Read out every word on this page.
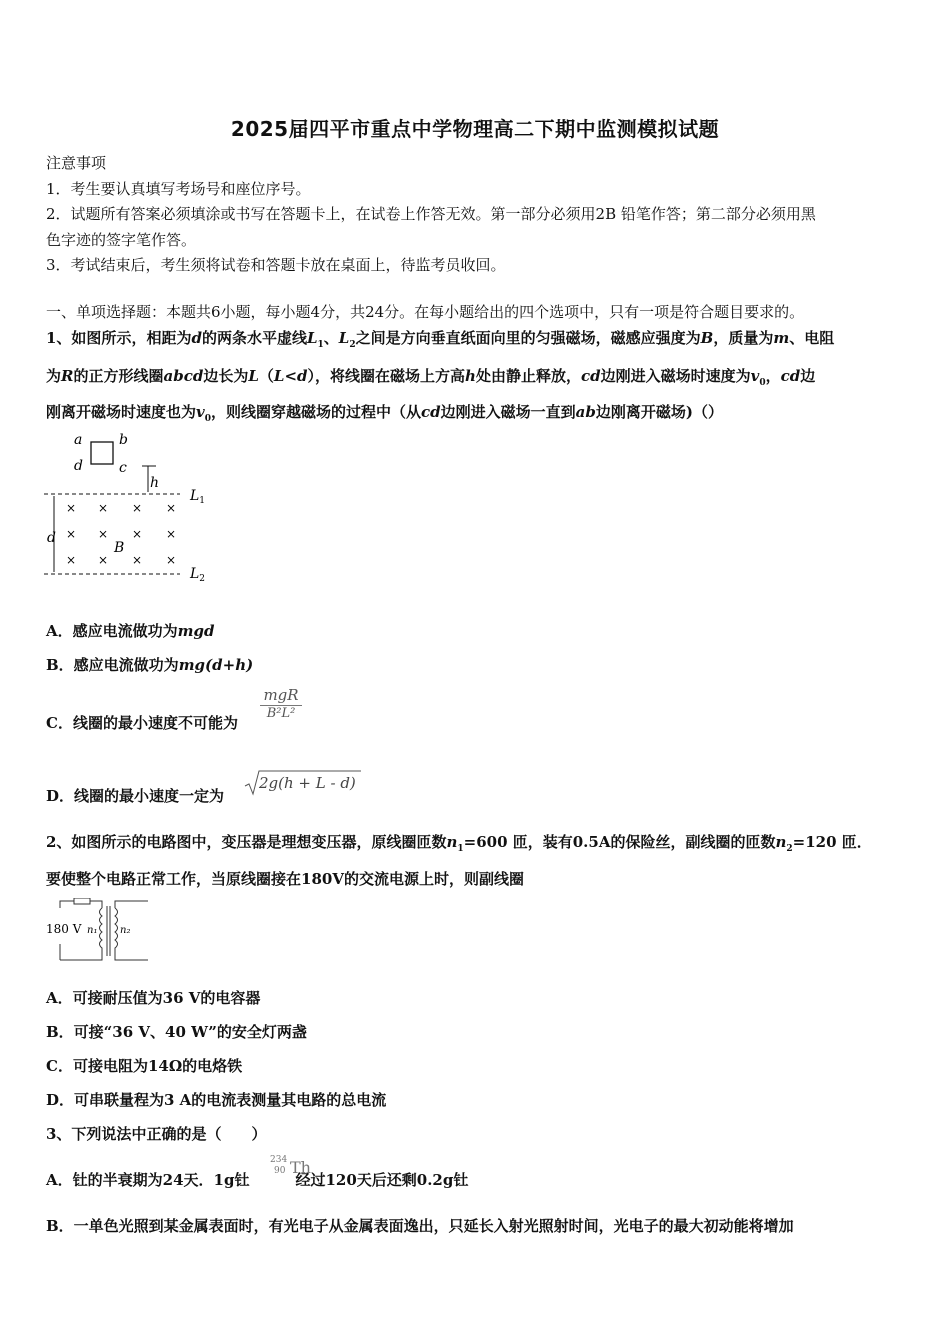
2025届四平市重点中学物理高二下期中监测模拟试题
注意事项
1．考生要认真填写考场号和座位序号。
2．试题所有答案必须填涂或书写在答题卡上，在试卷上作答无效。第一部分必须用2B 铅笔作答；第二部分必须用黑
色字迹的签字笔作答。
3．考试结束后，考生须将试卷和答题卡放在桌面上，待监考员收回。
一、单项选择题：本题共6小题，每小题4分，共24分。在每小题给出的四个选项中，只有一项是符合题目要求的。
1、如图所示，相距为d的两条水平虚线$L_1$、$L_2$之间是方向垂直纸面向里的匀强磁场，磁感应强度为B，质量为m、电阻
为R的正方形线圈abcd边长为L（L<d），将线圈在磁场上方高h处由静止释放，cd边刚进入磁场时速度为$v_0$，cd边
刚离开磁场时速度也为$v_0$，则线圈穿越磁场的过程中（从cd边刚进入磁场一直到ab边刚离开磁场)（）
a	b
d	c
h
$L_1$
$L_2$
d
× × × ×
× × × ×
× × × ×
B
A．感应电流做功为mgd
B．感应电流做功为mg(d+h)
C．线圈的最小速度不可能为
mgR
B²L²
D．线圈的最小速度一定为
2g(h + L - d)
2、如图所示的电路图中，变压器是理想变压器，原线圈匝数$n_1=600$ 匝，装有0.5A的保险丝，副线圈的匝数$n_2=120$ 匝．
要使整个电路正常工作，当原线圈接在180V的交流电源上时，则副线圈
180 V n₁ n₂
A．可接耐压值为36 V的电容器
B．可接“36 V、40 W”的安全灯两盏
C．可接电阻为14Ω的电烙铁
D．可串联量程为3 A的电流表测量其电路的总电流
3、下列说法中正确的是（　　）
A．钍的半衰期为24天．1g钍	经过120天后还剩0.2g钍
234
90 Th
B．一单色光照到某金属表面时，有光电子从金属表面逸出，只延长入射光照射时间，光电子的最大初动能将增加
